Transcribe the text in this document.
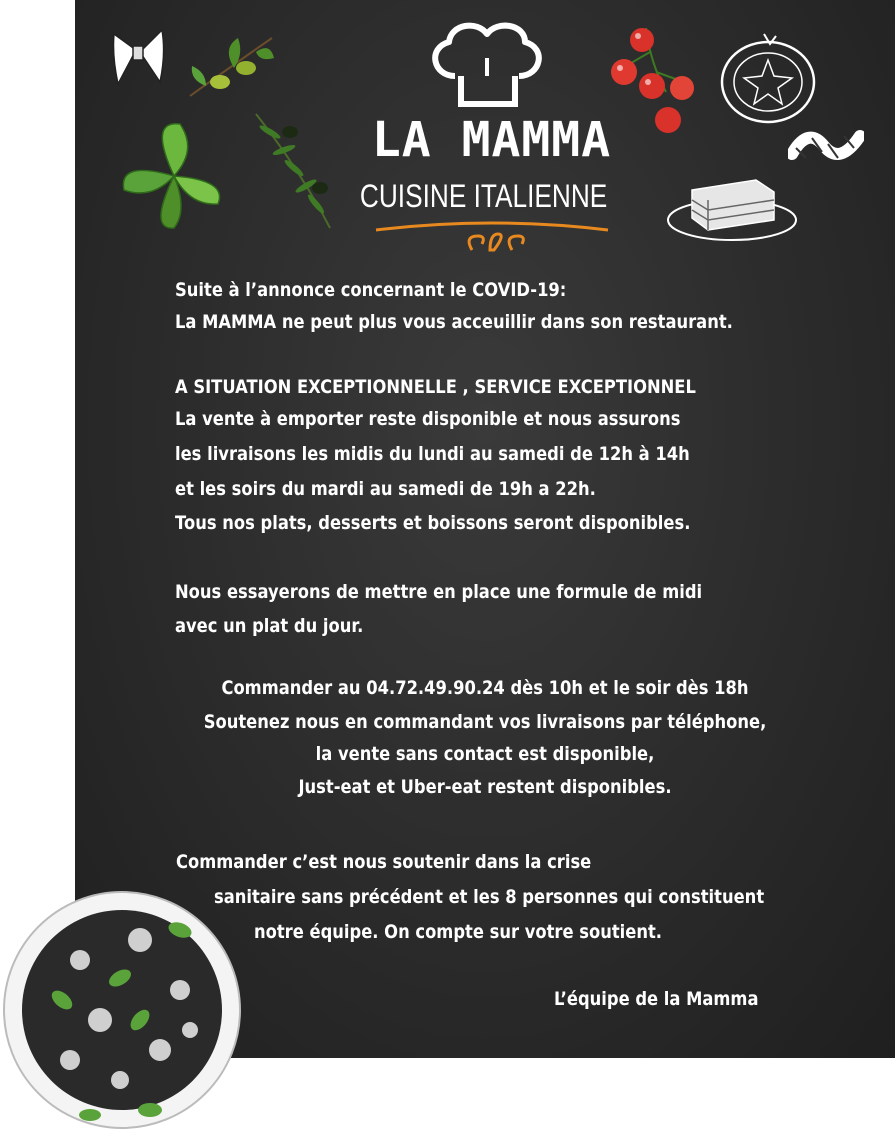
LA MAMMA
CUISINE ITALIENNE
Suite à l’annonce concernant le COVID-19:
La MAMMA ne peut plus vous acceuillir dans son restaurant.
A SITUATION EXCEPTIONNELLE , SERVICE EXCEPTIONNEL
La vente à emporter reste disponible et nous assurons
les livraisons les midis du lundi au samedi de 12h à 14h
et les soirs du mardi au samedi de 19h a 22h.
Tous nos plats, desserts et boissons seront disponibles.
Nous essayerons de mettre en place une formule de midi
avec un plat du jour.
Commander au 04.72.49.90.24 dès 10h et le soir dès 18h
Soutenez nous en commandant vos livraisons par téléphone,
la vente sans contact est disponible,
Just-eat et Uber-eat restent disponibles.
Commander c’est nous soutenir dans la crise
sanitaire sans précédent et les 8 personnes qui constituent
notre équipe. On compte sur votre soutient.
L’équipe de la Mamma
